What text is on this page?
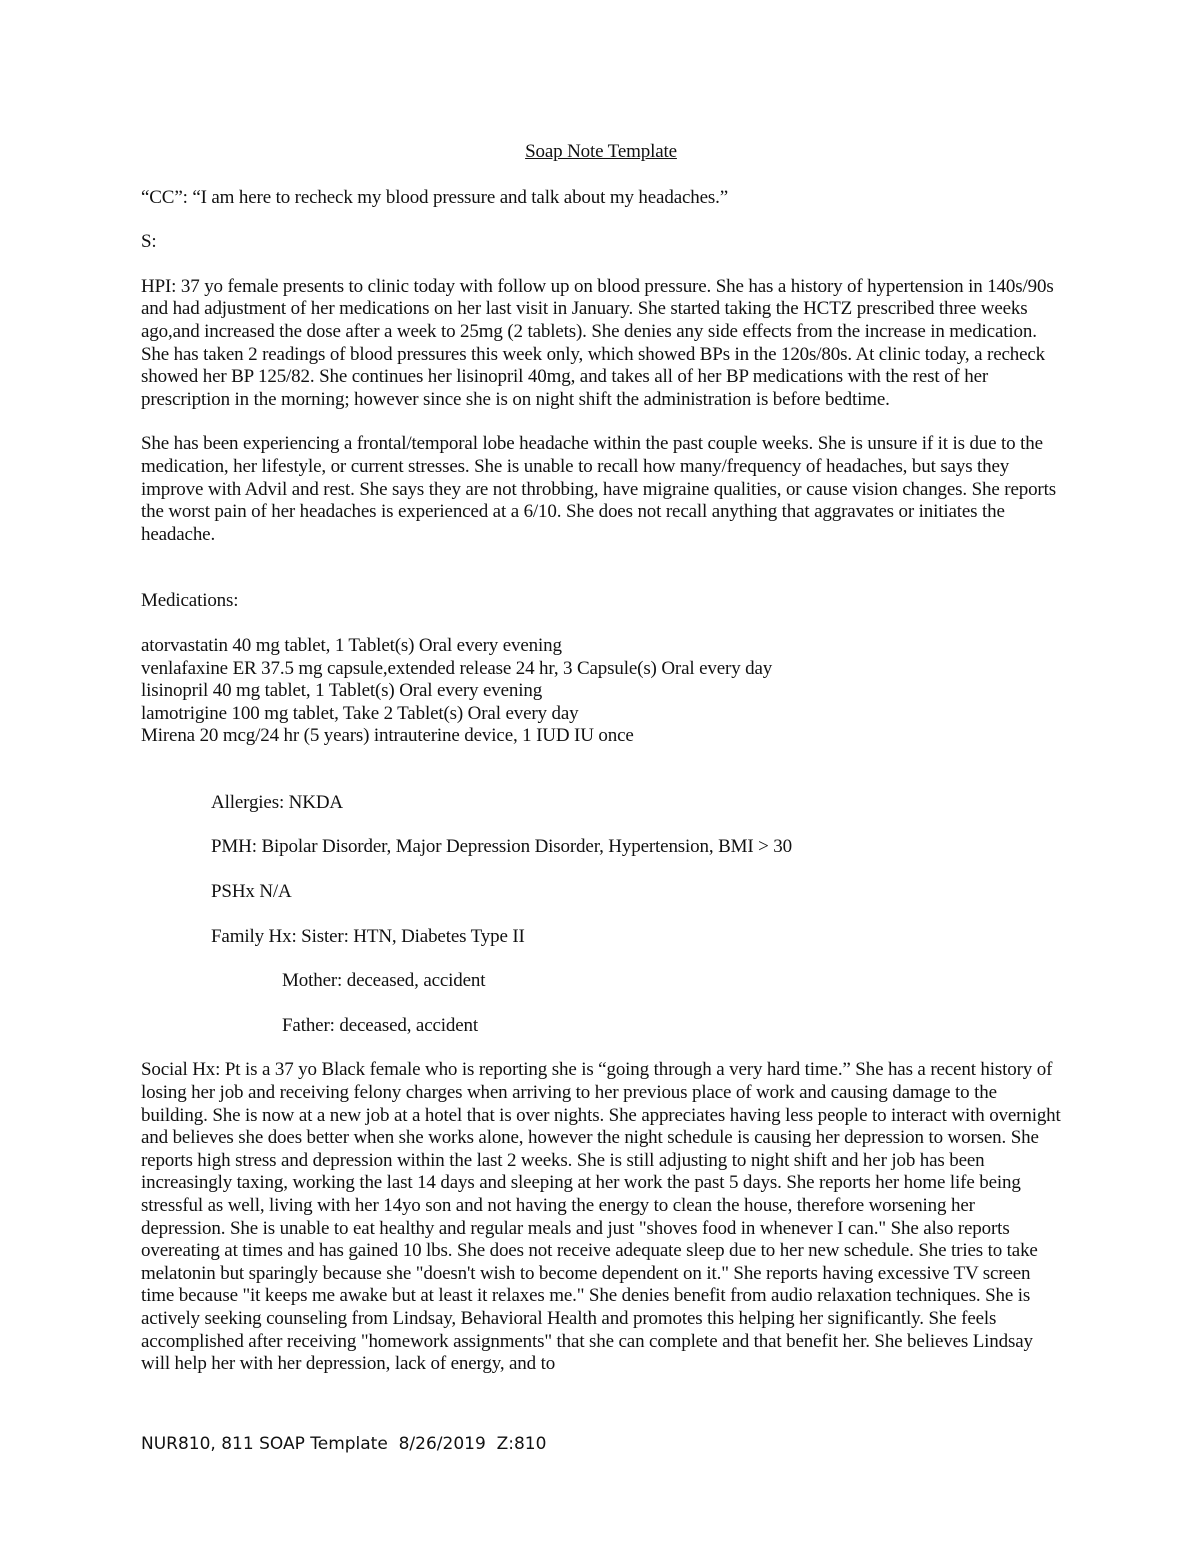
Soap Note Template

“CC”: “I am here to recheck my blood pressure and talk about my headaches.”

S:

HPI: 37 yo female presents to clinic today with follow up on blood pressure. She has a history of hypertension in 140s/90s and had adjustment of her medications on her last visit in January. She started taking the HCTZ prescribed three weeks ago,and increased the dose after a week to 25mg (2 tablets). She denies any side effects from the increase in medication. She has taken 2 readings of blood pressures this week only, which showed BPs in the 120s/80s. At clinic today, a recheck showed her BP 125/82. She continues her lisinopril 40mg, and takes all of her BP medications with the rest of her prescription in the morning; however since she is on night shift the administration is before bedtime.

She has been experiencing a frontal/temporal lobe headache within the past couple weeks. She is unsure if it is due to the medication, her lifestyle, or current stresses. She is unable to recall how many/frequency of headaches, but says they improve with Advil and rest. She says they are not throbbing, have migraine qualities, or cause vision changes. She reports the worst pain of her headaches is experienced at a 6/10. She does not recall anything that aggravates or initiates the headache.

Medications:

atorvastatin 40 mg tablet, 1 Tablet(s) Oral every evening
venlafaxine ER 37.5 mg capsule,extended release 24 hr, 3 Capsule(s) Oral every day
lisinopril 40 mg tablet, 1 Tablet(s) Oral every evening
lamotrigine 100 mg tablet, Take 2 Tablet(s) Oral every day
Mirena 20 mcg/24 hr (5 years) intrauterine device, 1 IUD IU once

Allergies: NKDA

PMH: Bipolar Disorder, Major Depression Disorder, Hypertension, BMI > 30

PSHx N/A

Family Hx: Sister: HTN, Diabetes Type II

Mother: deceased, accident

Father: deceased, accident

Social Hx: Pt is a 37 yo Black female who is reporting she is “going through a very hard time.” She has a recent history of losing her job and receiving felony charges when arriving to her previous place of work and causing damage to the building. She is now at a new job at a hotel that is over nights. She appreciates having less people to interact with overnight and believes she does better when she works alone, however the night schedule is causing her depression to worsen. She reports high stress and depression within the last 2 weeks. She is still adjusting to night shift and her job has been increasingly taxing, working the last 14 days and sleeping at her work the past 5 days. She reports her home life being stressful as well, living with her 14yo son and not having the energy to clean the house, therefore worsening her depression. She is unable to eat healthy and regular meals and just "shoves food in whenever I can." She also reports overeating at times and has gained 10 lbs. She does not receive adequate sleep due to her new schedule. She tries to take melatonin but sparingly because she "doesn't wish to become dependent on it." She reports having excessive TV screen time because "it keeps me awake but at least it relaxes me." She denies benefit from audio relaxation techniques. She is actively seeking counseling from Lindsay, Behavioral Health and promotes this helping her significantly. She feels accomplished after receiving "homework assignments" that she can complete and that benefit her. She believes Lindsay will help her with her depression, lack of energy, and to

NUR810, 811 SOAP Template  8/26/2019  Z:810
